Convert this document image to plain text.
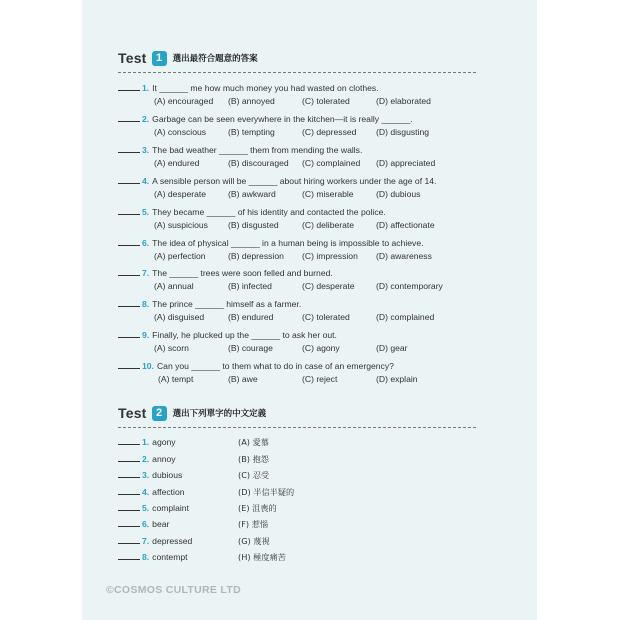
Test 1	選出最符合題意的答案
1. It ______ me how much money you had wasted on clothes.
(A) encouraged (B) annoyed	(C) tolerated	(D) elaborated
2. Garbage can be seen everywhere in the kitchen—it is really ______.
(A) conscious	(B) tempting	(C) depressed (D) disgusting
3. The bad weather ______ them from mending the walls.
(A) endured	(B) discouraged (C) complained (D) appreciated
4. A sensible person will be ______ about hiring workers under the age of 14.
(A) desperate	(B) awkward	(C) miserable	(D) dubious
5. They became ______ of his identity and contacted the police.
(A) suspicious (B) disgusted	(C) deliberate	(D) affectionate
6. The idea of physical ______ in a human being is impossible to achieve.
(A) perfection	(B) depression (C) impression (D) awareness
7. The ______ trees were soon felled and burned.
(A) annual	(B) infected	(C) desperate (D) contemporary
8. The prince ______ himself as a farmer.
(A) disguised	(B) endured	(C) tolerated	(D) complained
9. Finally, he plucked up the ______ to ask her out.
(A) scorn	(B) courage	(C) agony	(D) gear
10. Can you ______ to them what to do in case of an emergency?
(A) tempt	(B) awe	(C) reject	(D) explain
Test 2	選出下列單字的中文定義
1. agony	(A) 愛慕
2. annoy	(B) 抱怨
3. dubious	(C) 忍受
4. affection	(D) 半信半疑的
5. complaint	(E) 沮喪的
6. bear	(F) 惹惱
7. depressed	(G) 蔑視
8. contempt	(H) 極度痛苦
©COSMOS CULTURE LTD
